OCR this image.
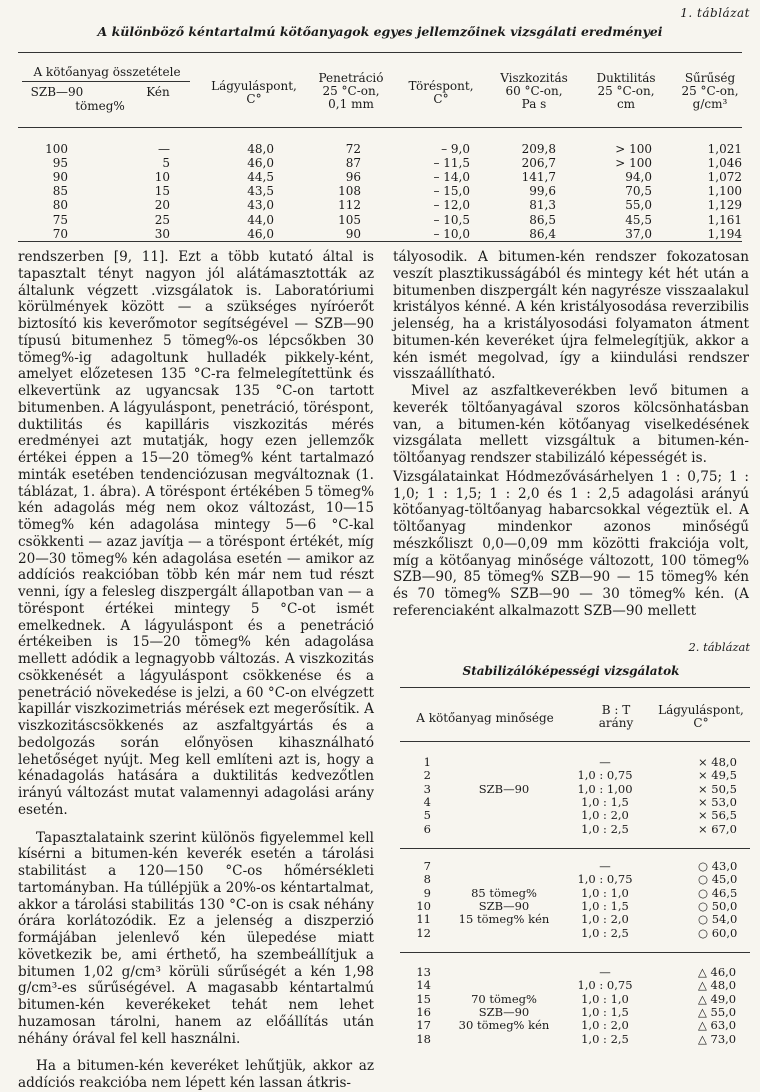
1. táblázat
A különböző kéntartalmú kötőanyagok egyes jellemzőinek vizsgálati eredményei
A kötőanyag összetétele
SZB—90	Kén
tömeg%
Lágyuláspont,
C°
Penetráció
25 °C-on,
0,1 mm
Töréspont,
C°
Viszkozitás
60 °C-on,
Pa s
Duktilitás
25 °C-on,
cm
Sűrűség
25 °C-on,
g/cm³
100	—	48,0	72	– 9,0	209,8	> 100	1,021
95	5	46,0	87	– 11,5	206,7	> 100	1,046
90	10	44,5	96	– 14,0	141,7	94,0	1,072
85	15	43,5	108	– 15,0	99,6	70,5	1,100
80	20	43,0	112	– 12,0	81,3	55,0	1,129
75	25	44,0	105	– 10,5	86,5	45,5	1,161
70	30	46,0	90	– 10,0	86,4	37,0	1,194

rendszerben [9, 11]. Ezt a több kutató által is tapasztalt tényt nagyon jól alátámasztották az általunk végzett .vizsgálatok is. Laboratóriumi körülmények között — a szükséges nyíróerőt biztosító kis keverőmotor segítségével — SZB—90 típusú bitumenhez 5 tömeg%-os lépcsőkben 30 tömeg%-ig adagoltunk hulladék pikkely-ként, amelyet előzetesen 135 °C-ra felmelegítettünk és elkevertünk az ugyancsak 135 °C-on tartott bitumenben. A lágyuláspont, penetráció, töréspont, duktilitás és kapilláris viszkozitás mérés eredményei azt mutatják, hogy ezen jellemzők értékei éppen a 15—20 tömeg% ként tartalmazó minták esetében tendenciózusan megváltoznak (1. táblázat, 1. ábra). A töréspont értékében 5 tömeg% kén adagolás még nem okoz változást, 10—15 tömeg% kén adagolása mintegy 5—6 °C-kal csökkenti — azaz javítja — a töréspont értékét, míg 20—30 tömeg% kén adagolása esetén — amikor az addíciós reakcióban több kén már nem tud részt venni, így a felesleg diszpergált állapotban van — a töréspont értékei mintegy 5 °C-ot ismét emelkednek. A lágyuláspont és a penetráció értékeiben is 15—20 tömeg% kén adagolása mellett adódik a legnagyobb változás. A viszkozitás csökkenését a lágyuláspont csökkenése és a penetráció növekedése is jelzi, a 60 °C-on elvégzett kapillár viszkozimetriás mérések ezt megerősítik. A viszkozitáscsökkenés az aszfaltgyártás és a bedolgozás során előnyösen kihasználható lehetőséget nyújt. Meg kell említeni azt is, hogy a kénadagolás hatására a duktilitás kedvezőtlen irányú változást mutat valamennyi adagolási arány esetén.

Tapasztalataink szerint különös figyelemmel kell kísérni a bitumen-kén keverék esetén a tárolási stabilitást a 120—150 °C-os hőmérsékleti tartományban. Ha túllépjük a 20%-os kéntartalmat, akkor a tárolási stabilitás 130 °C-on is csak néhány órára korlátozódik. Ez a jelenség a diszperzió formájában jelenlevő kén ülepedése miatt következik be, ami érthető, ha szembeállítjuk a bitumen 1,02 g/cm³ körüli sűrűségét a kén 1,98 g/cm³-es sűrűségével. A magasabb kéntartalmú bitumen-kén keverékeket tehát nem lehet huzamosan tárolni, hanem az előállítás után néhány órával fel kell használni.

Ha a bitumen-kén keveréket lehűtjük, akkor az addíciós reakcióba nem lépett kén lassan átkris-

tályosodik. A bitumen-kén rendszer fokozatosan veszít plasztikusságából és mintegy két hét után a bitumenben diszpergált kén nagyrésze visszaalakul kristályos kénné. A kén kristályosodása reverzibilis jelenség, ha a kristályosodási folyamaton átment bitumen-kén keveréket újra felmelegítjük, akkor a kén ismét megolvad, így a kiindulási rendszer visszaállítható.

Mivel az aszfaltkeverékben levő bitumen a keverék töltőanyagával szoros kölcsönhatásban van, a bitumen-kén kötőanyag viselkedésének vizsgálata mellett vizsgáltuk a bitumen-kén-töltőanyag rendszer stabilizáló képességét is.

Vizsgálatainkat Hódmezővásárhelyen 1 : 0,75; 1 : 1,0; 1 : 1,5; 1 : 2,0 és 1 : 2,5 adagolási arányú kötőanyag-töltőanyag habarcsokkal végeztük el. A töltőanyag mindenkor azonos minőségű mészkőliszt 0,0—0,09 mm közötti frakciója volt, míg a kötőanyag minősége változott, 100 tömeg% SZB—90, 85 tömeg% SZB—90 — 15 tömeg% kén és 70 tömeg% SZB—90 — 30 tömeg% kén. (A referenciaként alkalmazott SZB—90 mellett

2. táblázat
Stabilizálóképességi vizsgálatok
A kötőanyag minősége
B : T
arány
Lágyuláspont,
C°
1	—	× 48,0
2	1,0 : 0,75	× 49,5
3	1,0 : 1,00	× 50,5
4	1,0 : 1,5	× 53,0
5	1,0 : 2,0	× 56,5
6	1,0 : 2,5	× 67,0
SZB—90
7	—	○ 43,0
8	1,0 : 0,75	○ 45,0
9	1,0 : 1,0	○ 46,5
10	1,0 : 1,5	○ 50,0
11	1,0 : 2,0	○ 54,0
12	1,0 : 2,5	○ 60,0
85 tömeg%
SZB—90
15 tömeg% kén
13	—	△ 46,0
14	1,0 : 0,75	△ 48,0
15	1,0 : 1,0	△ 49,0
16	1,0 : 1,5	△ 55,0
17	1,0 : 2,0	△ 63,0
18	1,0 : 2,5	△ 73,0
70 tömeg%
SZB—90
30 tömeg% kén
